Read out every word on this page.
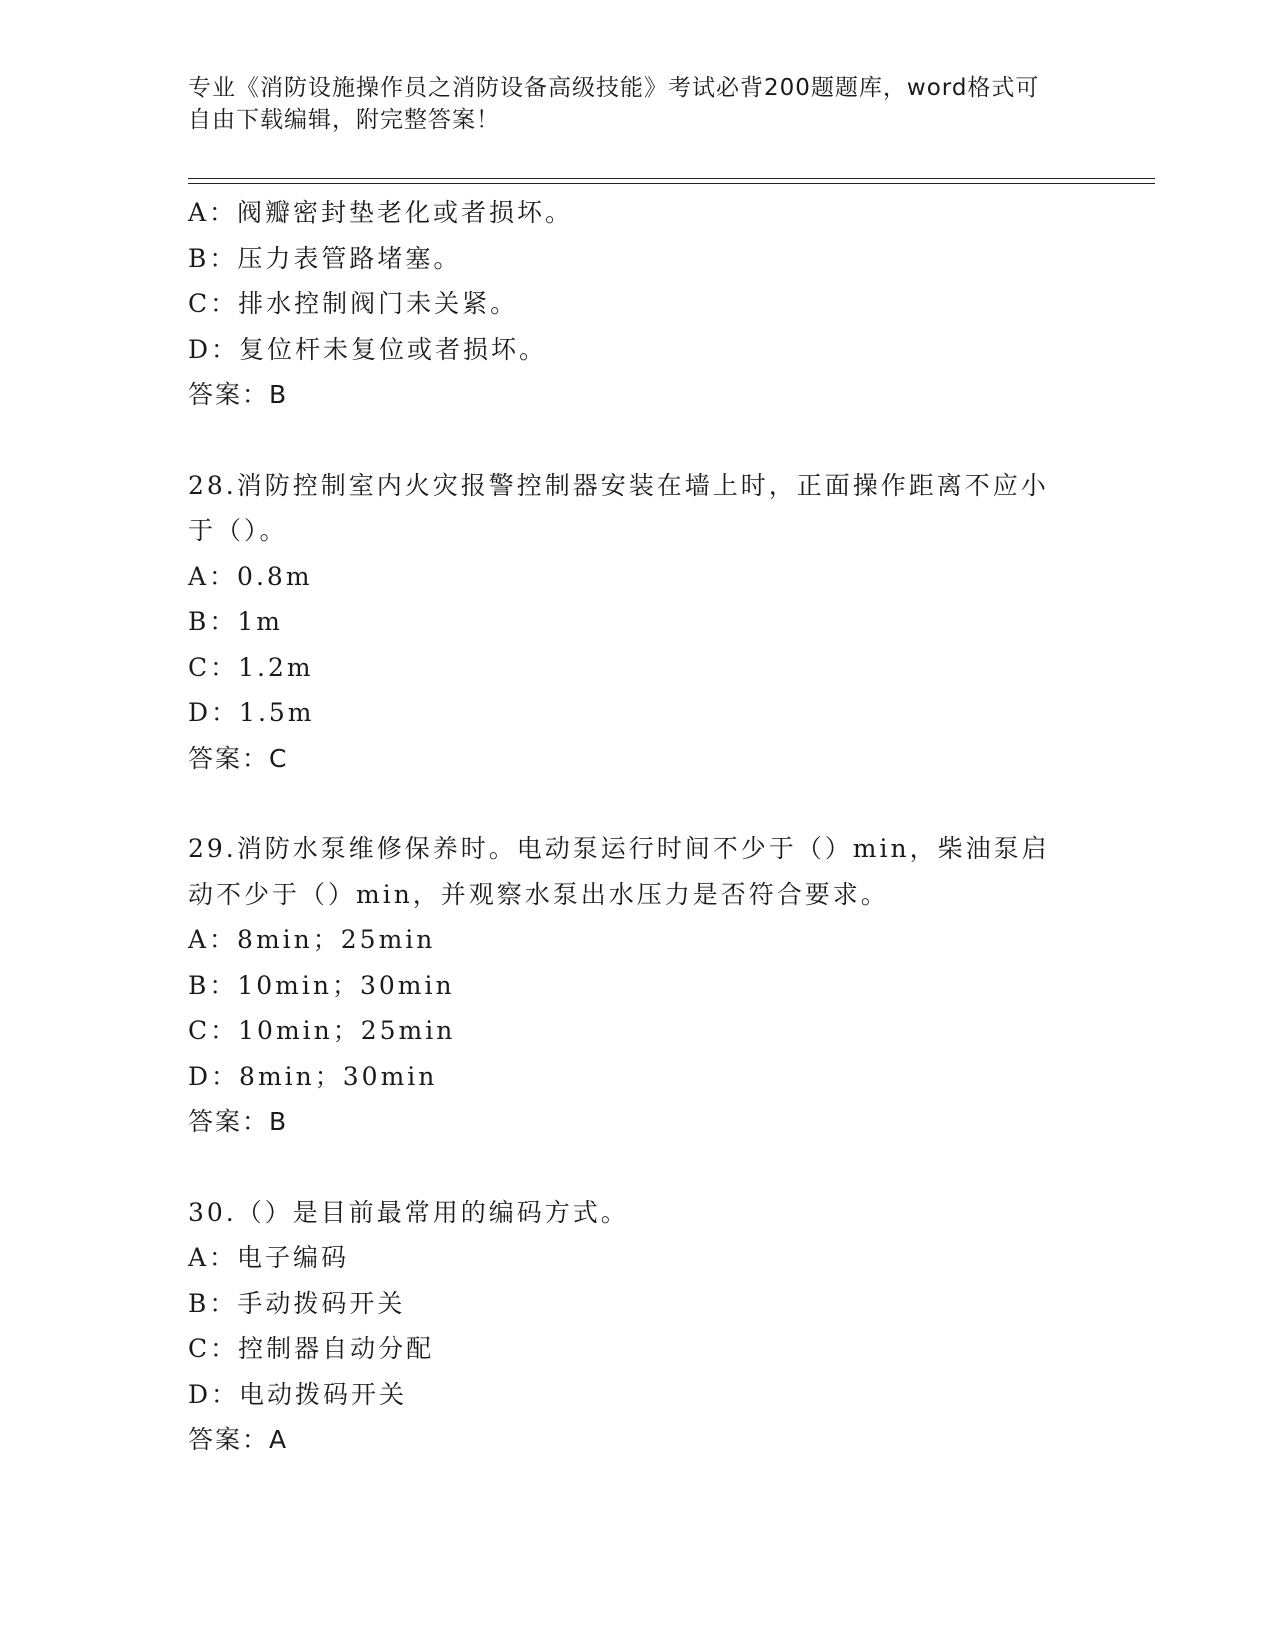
专业《消防设施操作员之消防设备高级技能》考试必背200题题库，word格式可
自由下载编辑，附完整答案！
A：阀瓣密封垫老化或者损坏。
B：压力表管路堵塞。
C：排水控制阀门未关紧。
D：复位杆未复位或者损坏。
答案：B
28.消防控制室内火灾报警控制器安装在墙上时，正面操作距离不应小
于（）。
A：0.8m
B：1m
C：1.2m
D：1.5m
答案：C
29.消防水泵维修保养时。电动泵运行时间不少于（）min，柴油泵启
动不少于（）min，并观察水泵出水压力是否符合要求。
A：8min；25min
B：10min；30min
C：10min；25min
D：8min；30min
答案：B
30.（）是目前最常用的编码方式。
A：电子编码
B：手动拨码开关
C：控制器自动分配
D：电动拨码开关
答案：A
